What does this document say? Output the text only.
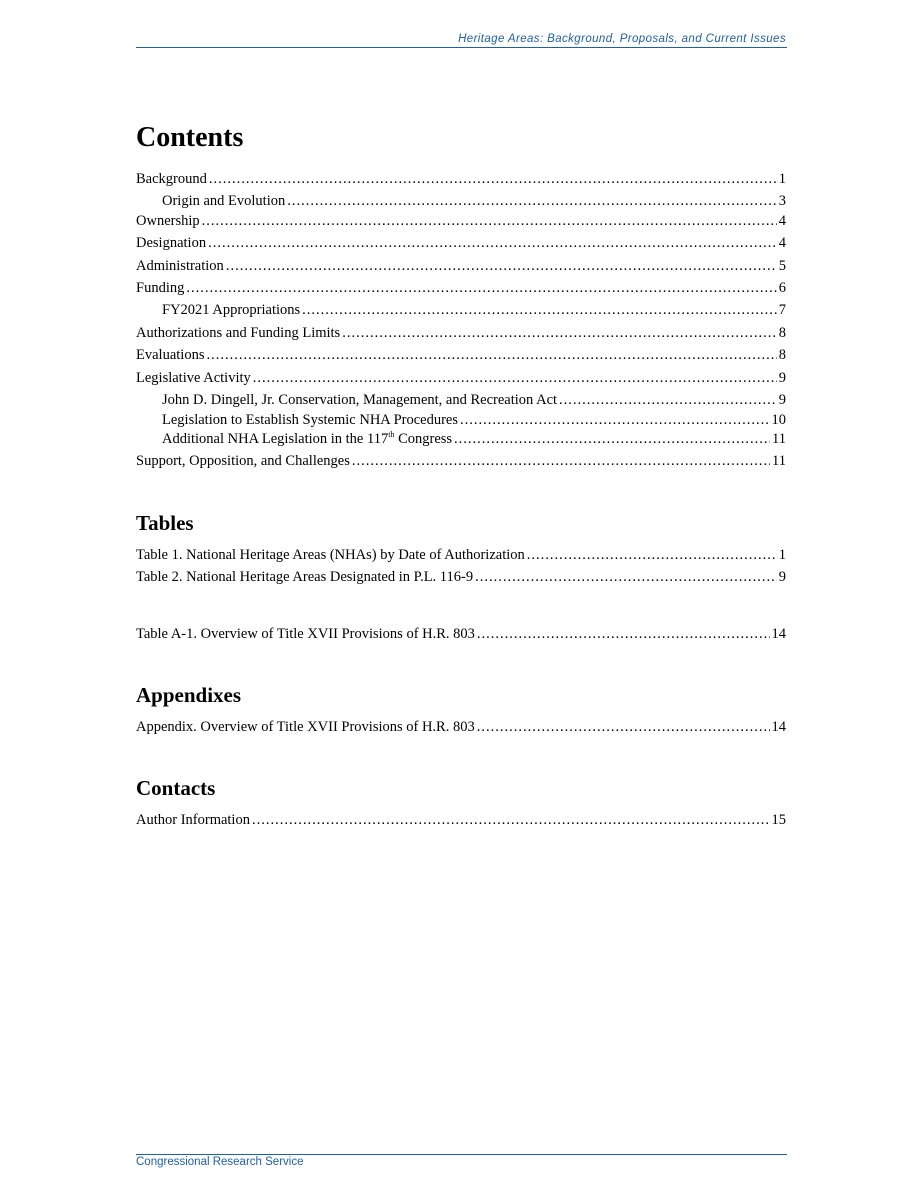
Heritage Areas: Background, Proposals, and Current Issues
Contents
Background .....	1
Origin and Evolution .....	3
Ownership .....	4
Designation .....	4
Administration .....	5
Funding .....	6
FY2021 Appropriations .....	7
Authorizations and Funding Limits .....	8
Evaluations .....	8
Legislative Activity .....	9
John D. Dingell, Jr. Conservation, Management, and Recreation Act .....	9
Legislation to Establish Systemic NHA Procedures .....	10
Additional NHA Legislation in the 117th Congress .....	11
Support, Opposition, and Challenges .....	11
Tables
Table 1. National Heritage Areas (NHAs) by Date of Authorization .....	1
Table 2. National Heritage Areas Designated in P.L. 116-9 .....	9
Table A-1. Overview of Title XVII Provisions of H.R. 803 .....	14
Appendixes
Appendix. Overview of Title XVII Provisions of H.R. 803 .....	14
Contacts
Author Information .....	15
Congressional Research Service
